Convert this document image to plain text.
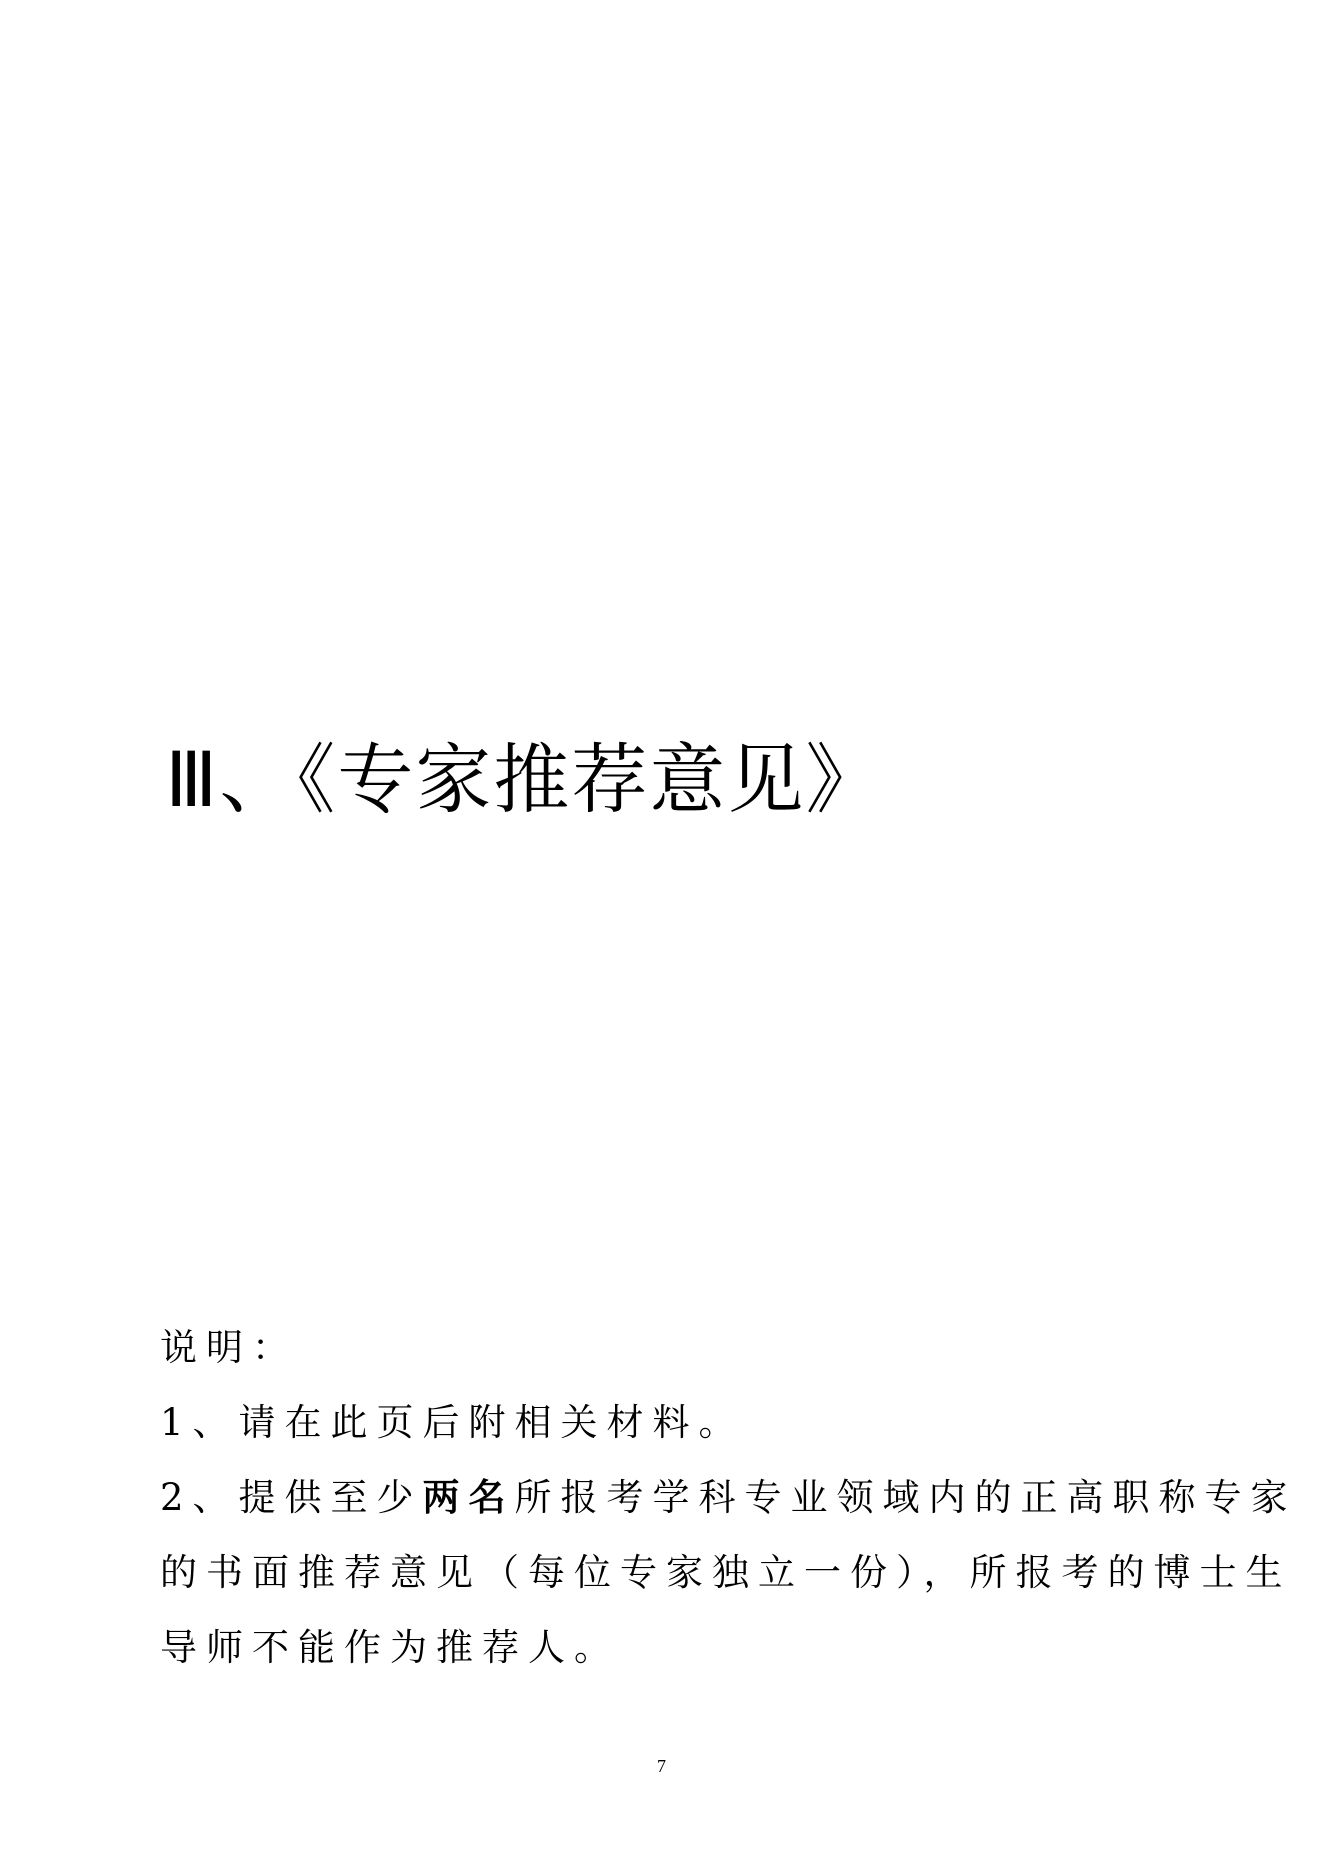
Ⅲ、《专家推荐意见》
说明：
1、请在此页后附相关材料。
2、提供至少两名所报考学科专业领域内的正高职称专家
的书面推荐意见（每位专家独立一份），所报考的博士生
导师不能作为推荐人。
7
